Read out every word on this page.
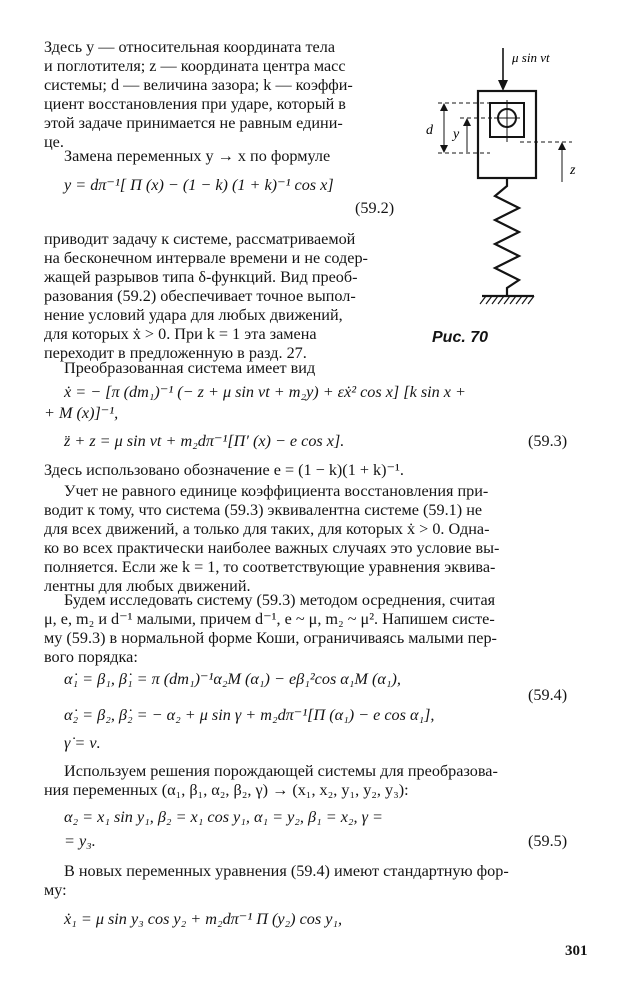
μ sin νt
d y
z
Рис. 70
Здесь y — относительная координата тела
и поглотителя; z — координата центра масс
системы; d — величина зазора; k — коэффи-
циент восстановления при ударе, который в
этой задаче принимается не равным едини-
це.
Замена переменных y → x по формуле
y = dπ⁻¹[ Π (x) − (1 − k) (1 + k)⁻¹ cos x]
(59.2)
приводит задачу к системе, рассматриваемой
на бесконечном интервале времени и не содер-
жащей разрывов типа δ-функций. Вид преоб-
разования (59.2) обеспечивает точное выпол-
нение условий удара для любых движений,
для которых ẋ > 0. При k = 1 эта замена
переходит в предложенную в разд. 27.
Преобразованная система имеет вид
ẋ = − [π (dm₁)⁻¹ (− z + μ sin νt + m₂y) + εẋ² cos x] [k sin x +
+ M (x)]⁻¹,
z̈ + z = μ sin νt + m₂dπ⁻¹[Π′ (x) − e cos x].	(59.3)
Здесь использовано обозначение e = (1 − k)(1 + k)⁻¹.
Учет не равного единице коэффициента восстановления при-
водит к тому, что система (59.3) эквивалентна системе (59.1) не
для всех движений, а только для таких, для которых ẋ > 0. Одна-
ко во всех практически наиболее важных случаях это условие вы-
полняется. Если же k = 1, то соответствующие уравнения эквива-
лентны для любых движений.
Будем исследовать систему (59.3) методом осреднения, считая
μ, e, m₂ и d⁻¹ малыми, причем d⁻¹, e ~ μ, m₂ ~ μ². Напишем систе-
му (59.3) в нормальной форме Коши, ограничиваясь малыми пер-
вого порядка:
α̇₁ = β₁, β̇₁ = π (dm₁)⁻¹α₂M (α₁) − eβ₁²cos α₁M (α₁),
(59.4)
α̇₂ = β₂, β̇₂ = − α₂ + μ sin γ + m₂dπ⁻¹[Π (α₁) − e cos α₁],
γ̇ = ν.
Используем решения порождающей системы для преобразова-
ния переменных (α₁, β₁, α₂, β₂, γ) → (x₁, x₂, y₁, y₂, y₃):
α₂ = x₁ sin y₁, β₂ = x₁ cos y₁, α₁ = y₂, β₁ = x₂, γ =
= y₃.	(59.5)
В новых переменных уравнения (59.4) имеют стандартную фор-
му:
ẋ₁ = μ sin y₃ cos y₂ + m₂dπ⁻¹ Π (y₂) cos y₁,
301
